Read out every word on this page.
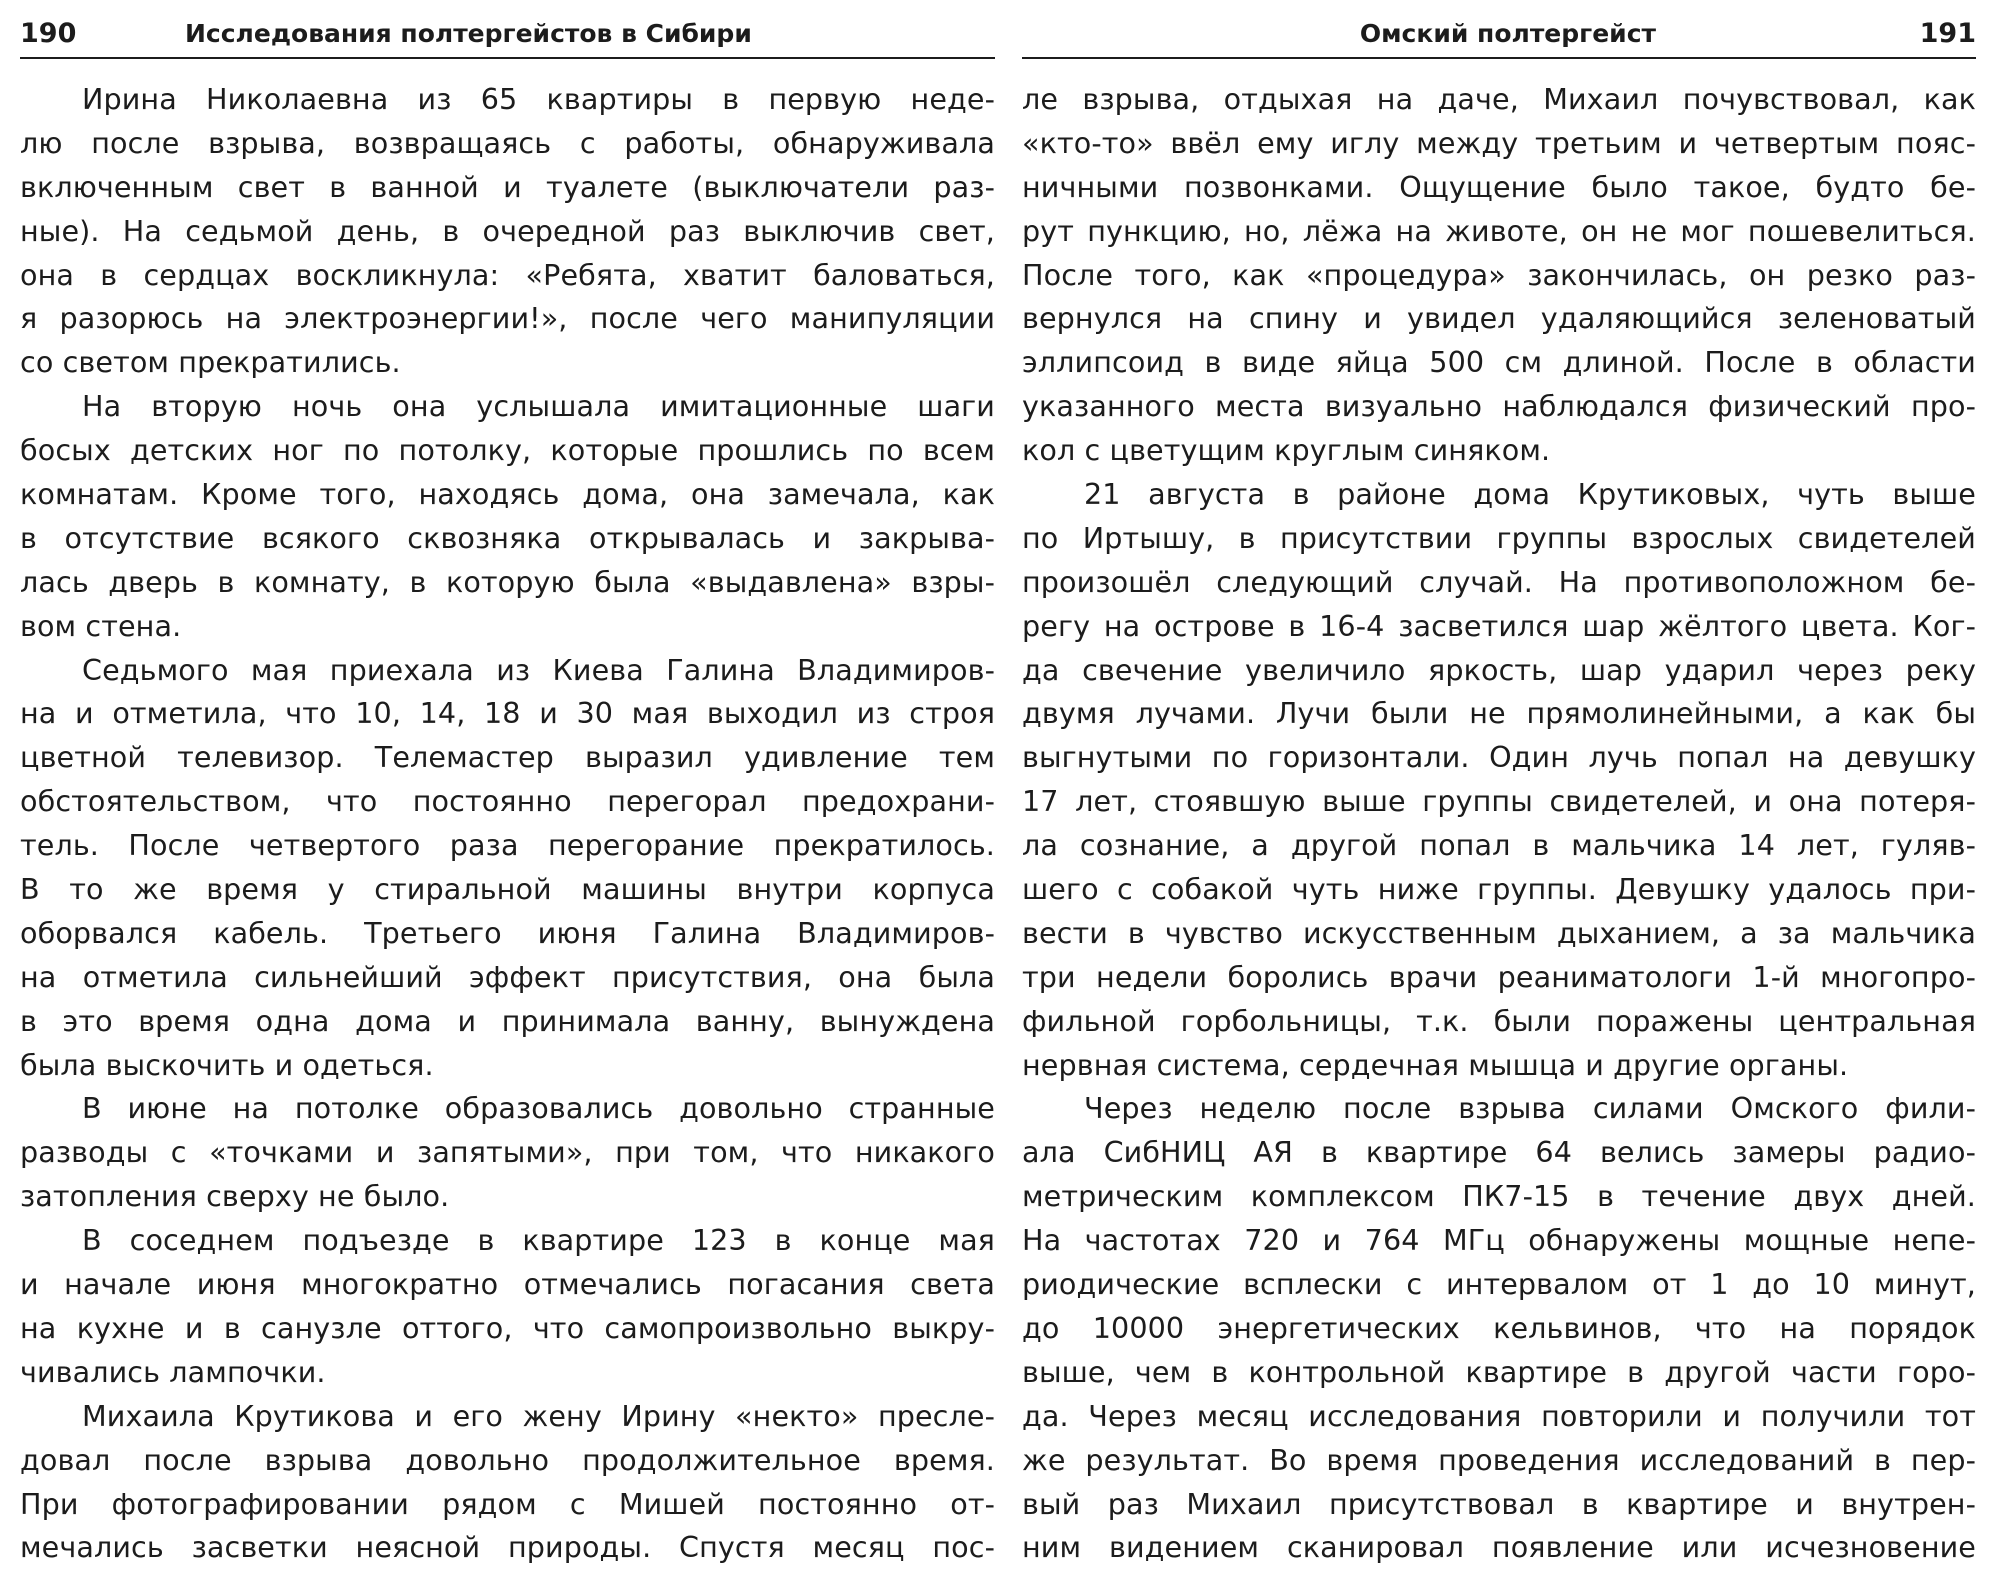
190	Исследования полтергейстов в Сибири
Ирина Николаевна из 65 квартиры в первую неде-
лю после взрыва, возвращаясь с работы, обнаруживала
включенным свет в ванной и туалете (выключатели раз-
ные). На седьмой день, в очередной раз выключив свет,
она в сердцах воскликнула: «Ребята, хватит баловаться,
я разорюсь на электроэнергии!», после чего манипуляции
со светом прекратились.
На вторую ночь она услышала имитационные шаги
босых детских ног по потолку, которые прошлись по всем
комнатам. Кроме того, находясь дома, она замечала, как
в отсутствие всякого сквозняка открывалась и закрыва-
лась дверь в комнату, в которую была «выдавлена» взры-
вом стена.
Седьмого мая приехала из Киева Галина Владимиров-
на и отметила, что 10, 14, 18 и 30 мая выходил из строя
цветной телевизор. Телемастер выразил удивление тем
обстоятельством, что постоянно перегорал предохрани-
тель. После четвертого раза перегорание прекратилось.
В то же время у стиральной машины внутри корпуса
оборвался кабель. Третьего июня Галина Владимиров-
на отметила сильнейший эффект присутствия, она была
в это время одна дома и принимала ванну, вынуждена
была выскочить и одеться.
В июне на потолке образовались довольно странные
разводы с «точками и запятыми», при том, что никакого
затопления сверху не было.
В соседнем подъезде в квартире 123 в конце мая
и начале июня многократно отмечались погасания света
на кухне и в санузле оттого, что самопроизвольно выкру-
чивались лампочки.
Михаила Крутикова и его жену Ирину «некто» пресле-
довал после взрыва довольно продолжительное время.
При фотографировании рядом с Мишей постоянно от-
мечались засветки неясной природы. Спустя месяц пос-
Омский полтергейст	191
ле взрыва, отдыхая на даче, Михаил почувствовал, как
«кто-то» ввёл ему иглу между третьим и четвертым пояс-
ничными позвонками. Ощущение было такое, будто бе-
рут пункцию, но, лёжа на животе, он не мог пошевелиться.
После того, как «процедура» закончилась, он резко раз-
вернулся на спину и увидел удаляющийся зеленоватый
эллипсоид в виде яйца 500 см длиной. После в области
указанного места визуально наблюдался физический про-
кол с цветущим круглым синяком.
21 августа в районе дома Крутиковых, чуть выше
по Иртышу, в присутствии группы взрослых свидетелей
произошёл следующий случай. На противоположном бе-
регу на острове в 16-4 засветился шар жёлтого цвета. Ког-
да свечение увеличило яркость, шар ударил через реку
двумя лучами. Лучи были не прямолинейными, а как бы
выгнутыми по горизонтали. Один лучь попал на девушку
17 лет, стоявшую выше группы свидетелей, и она потеря-
ла сознание, а другой попал в мальчика 14 лет, гуляв-
шего с собакой чуть ниже группы. Девушку удалось при-
вести в чувство искусственным дыханием, а за мальчика
три недели боролись врачи реаниматологи 1-й многопро-
фильной горбольницы, т.к. были поражены центральная
нервная система, сердечная мышца и другие органы.
Через неделю после взрыва силами Омского фили-
ала СибНИЦ АЯ в квартире 64 велись замеры радио-
метрическим комплексом ПК7-15 в течение двух дней.
На частотах 720 и 764 МГц обнаружены мощные непе-
риодические всплески с интервалом от 1 до 10 минут,
до 10000 энергетических кельвинов, что на порядок
выше, чем в контрольной квартире в другой части горо-
да. Через месяц исследования повторили и получили тот
же результат. Во время проведения исследований в пер-
вый раз Михаил присутствовал в квартире и внутрен-
ним видением сканировал появление или исчезновение
